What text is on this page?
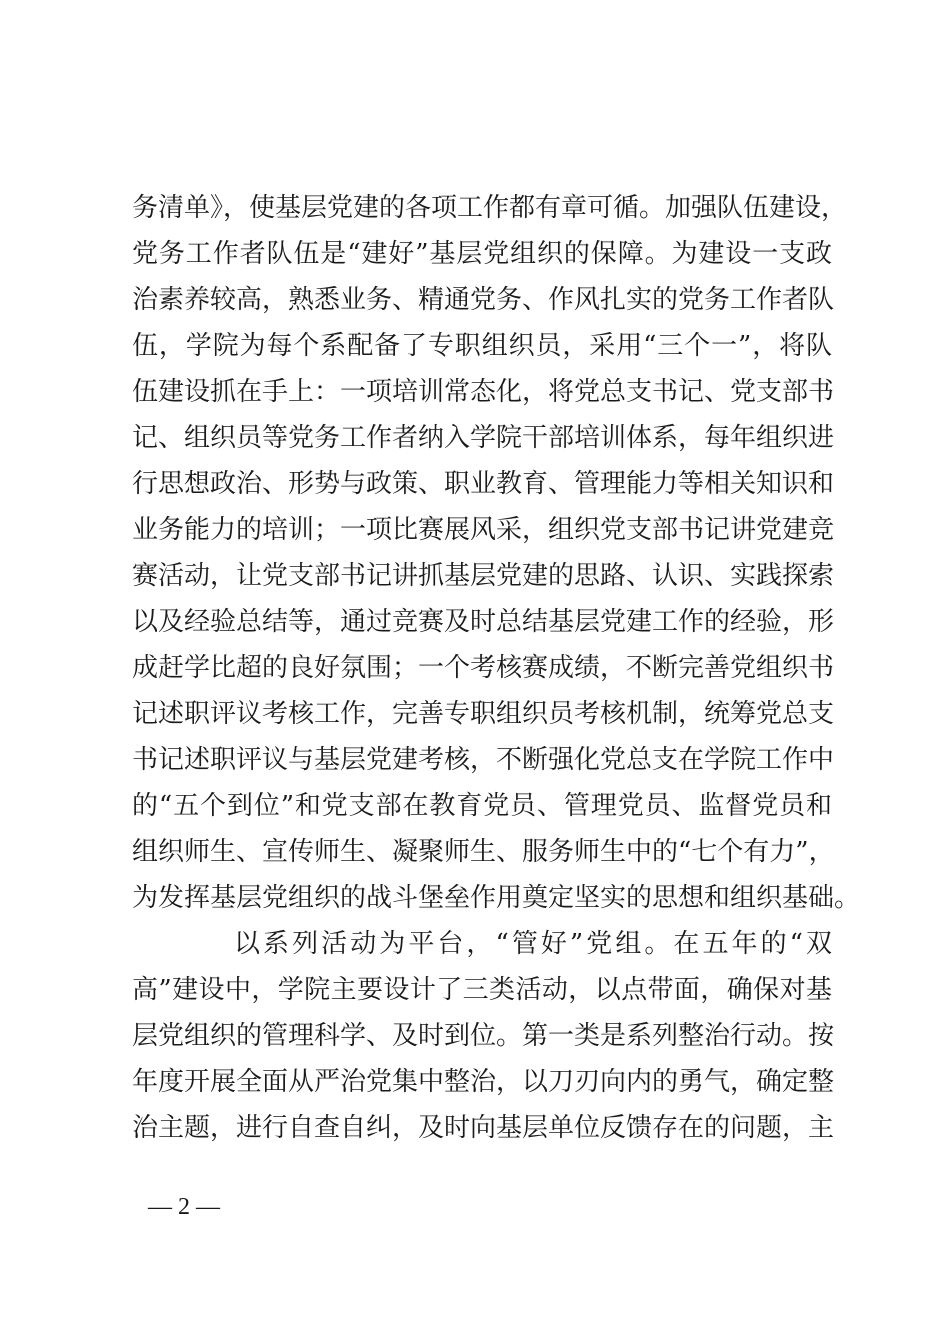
务清单》，使基层党建的各项工作都有章可循。加强队伍建设，
党务工作者队伍是“建好”基层党组织的保障。为建设一支政
治素养较高，熟悉业务、精通党务、作风扎实的党务工作者队
伍，学院为每个系配备了专职组织员，采用“三个一”，将队
伍建设抓在手上：一项培训常态化，将党总支书记、党支部书
记、组织员等党务工作者纳入学院干部培训体系，每年组织进
行思想政治、形势与政策、职业教育、管理能力等相关知识和
业务能力的培训；一项比赛展风采，组织党支部书记讲党建竞
赛活动，让党支部书记讲抓基层党建的思路、认识、实践探索
以及经验总结等，通过竞赛及时总结基层党建工作的经验，形
成赶学比超的良好氛围；一个考核赛成绩，不断完善党组织书
记述职评议考核工作，完善专职组织员考核机制，统筹党总支
书记述职评议与基层党建考核，不断强化党总支在学院工作中
的“五个到位”和党支部在教育党员、管理党员、监督党员和
组织师生、宣传师生、凝聚师生、服务师生中的“七个有力”，
为发挥基层党组织的战斗堡垒作用奠定坚实的思想和组织基础。
以系列活动为平台，“管好”党组。在五年的“双
高”建设中，学院主要设计了三类活动，以点带面，确保对基
层党组织的管理科学、及时到位。第一类是系列整治行动。按
年度开展全面从严治党集中整治，以刀刃向内的勇气，确定整
治主题，进行自查自纠，及时向基层单位反馈存在的问题，主
— 2 —
